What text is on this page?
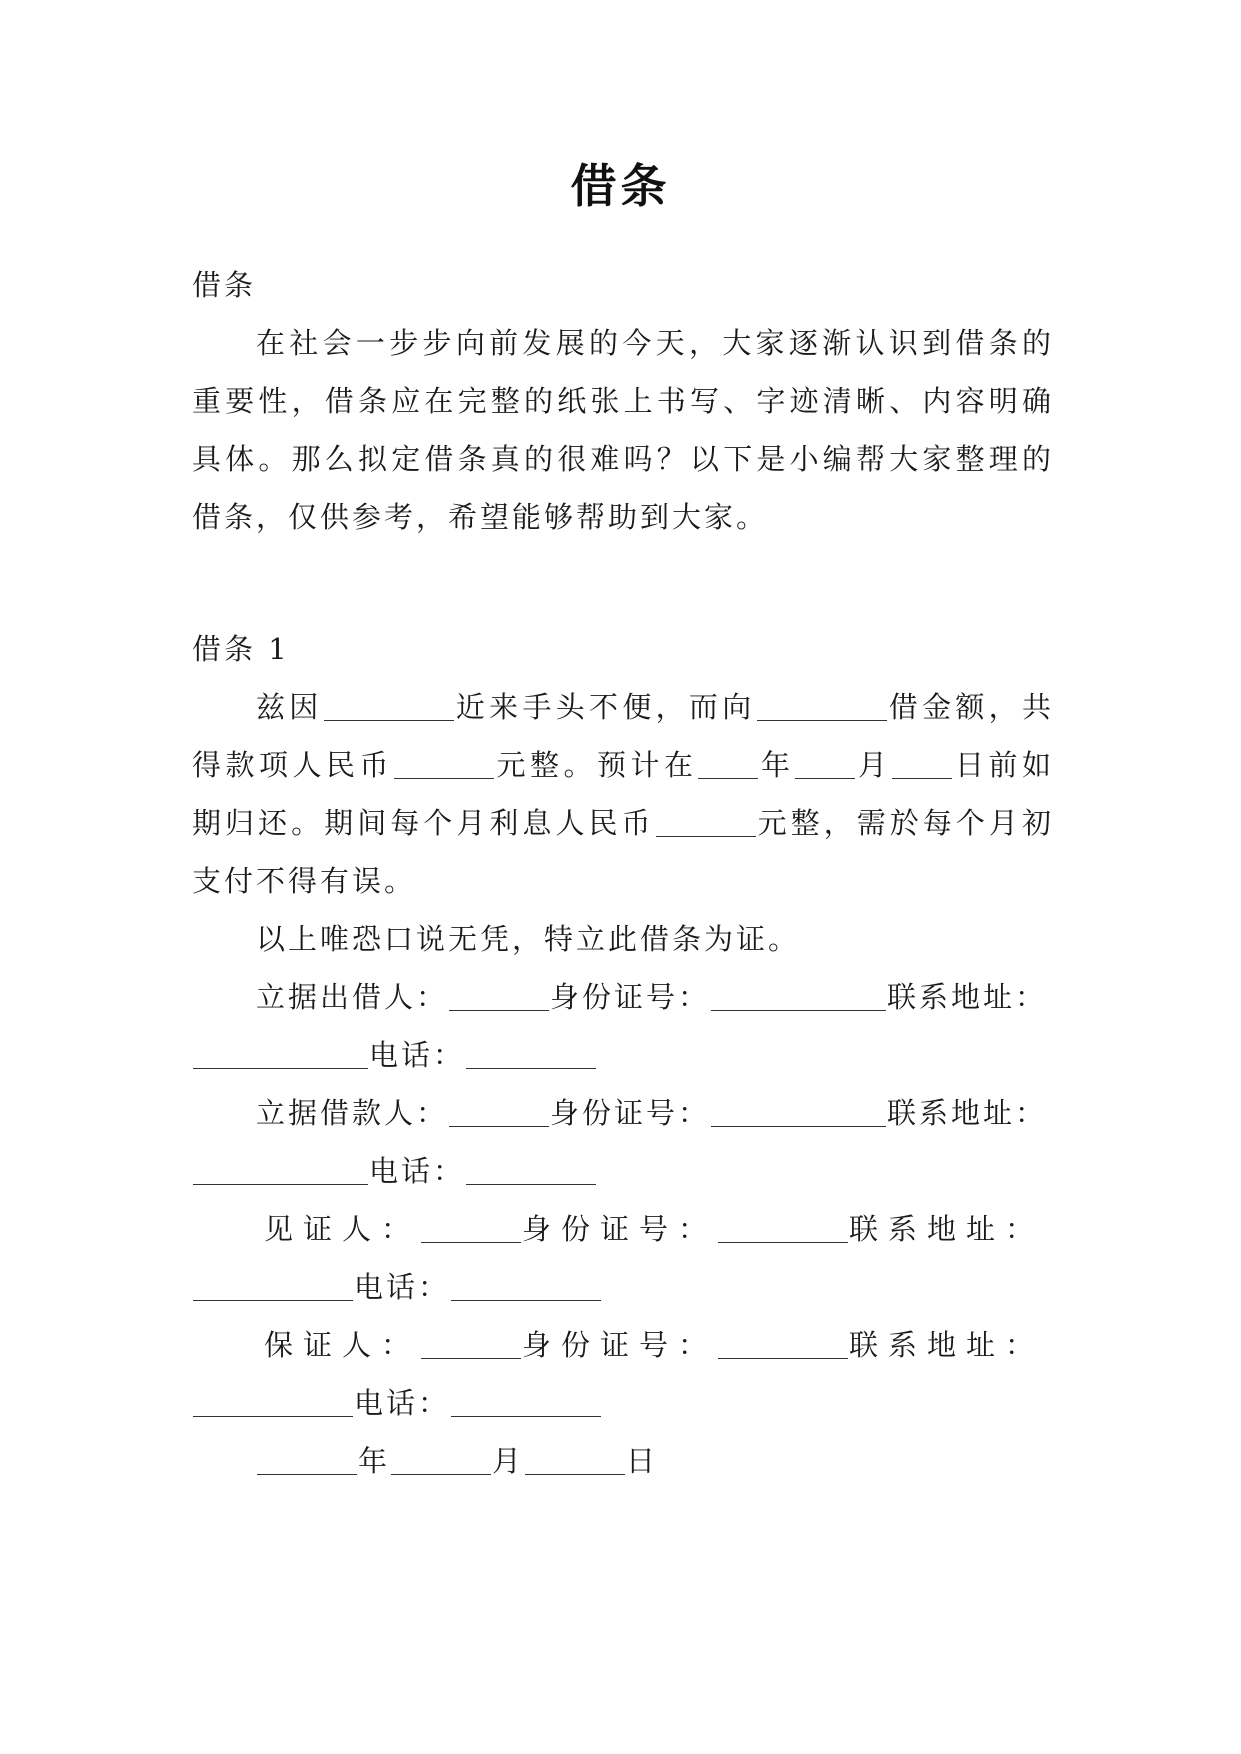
借条
借条

在社会一步步向前发展的今天，大家逐渐认识到借条的重要性，借条应在完整的纸张上书写、字迹清晰、内容明确具体。那么拟定借条真的很难吗？以下是小编帮大家整理的借条，仅供参考，希望能够帮助到大家。

借条 1

兹因	近来手头不便，而向	借金额，共得款项人民币	元整。预计在 年 月 日前如期归还。期间每个月利息人民币	元整，需於每个月初支付不得有误。

以上唯恐口说无凭，特立此借条为证。

立据出借人：	身份证号：	联系地址：
电话：
立据借款人：	身份证号：	联系地址：
电话：
见证人：	身份证号：	联系地址：
电话：
保证人：	身份证号：	联系地址：
电话：
年	月	日
